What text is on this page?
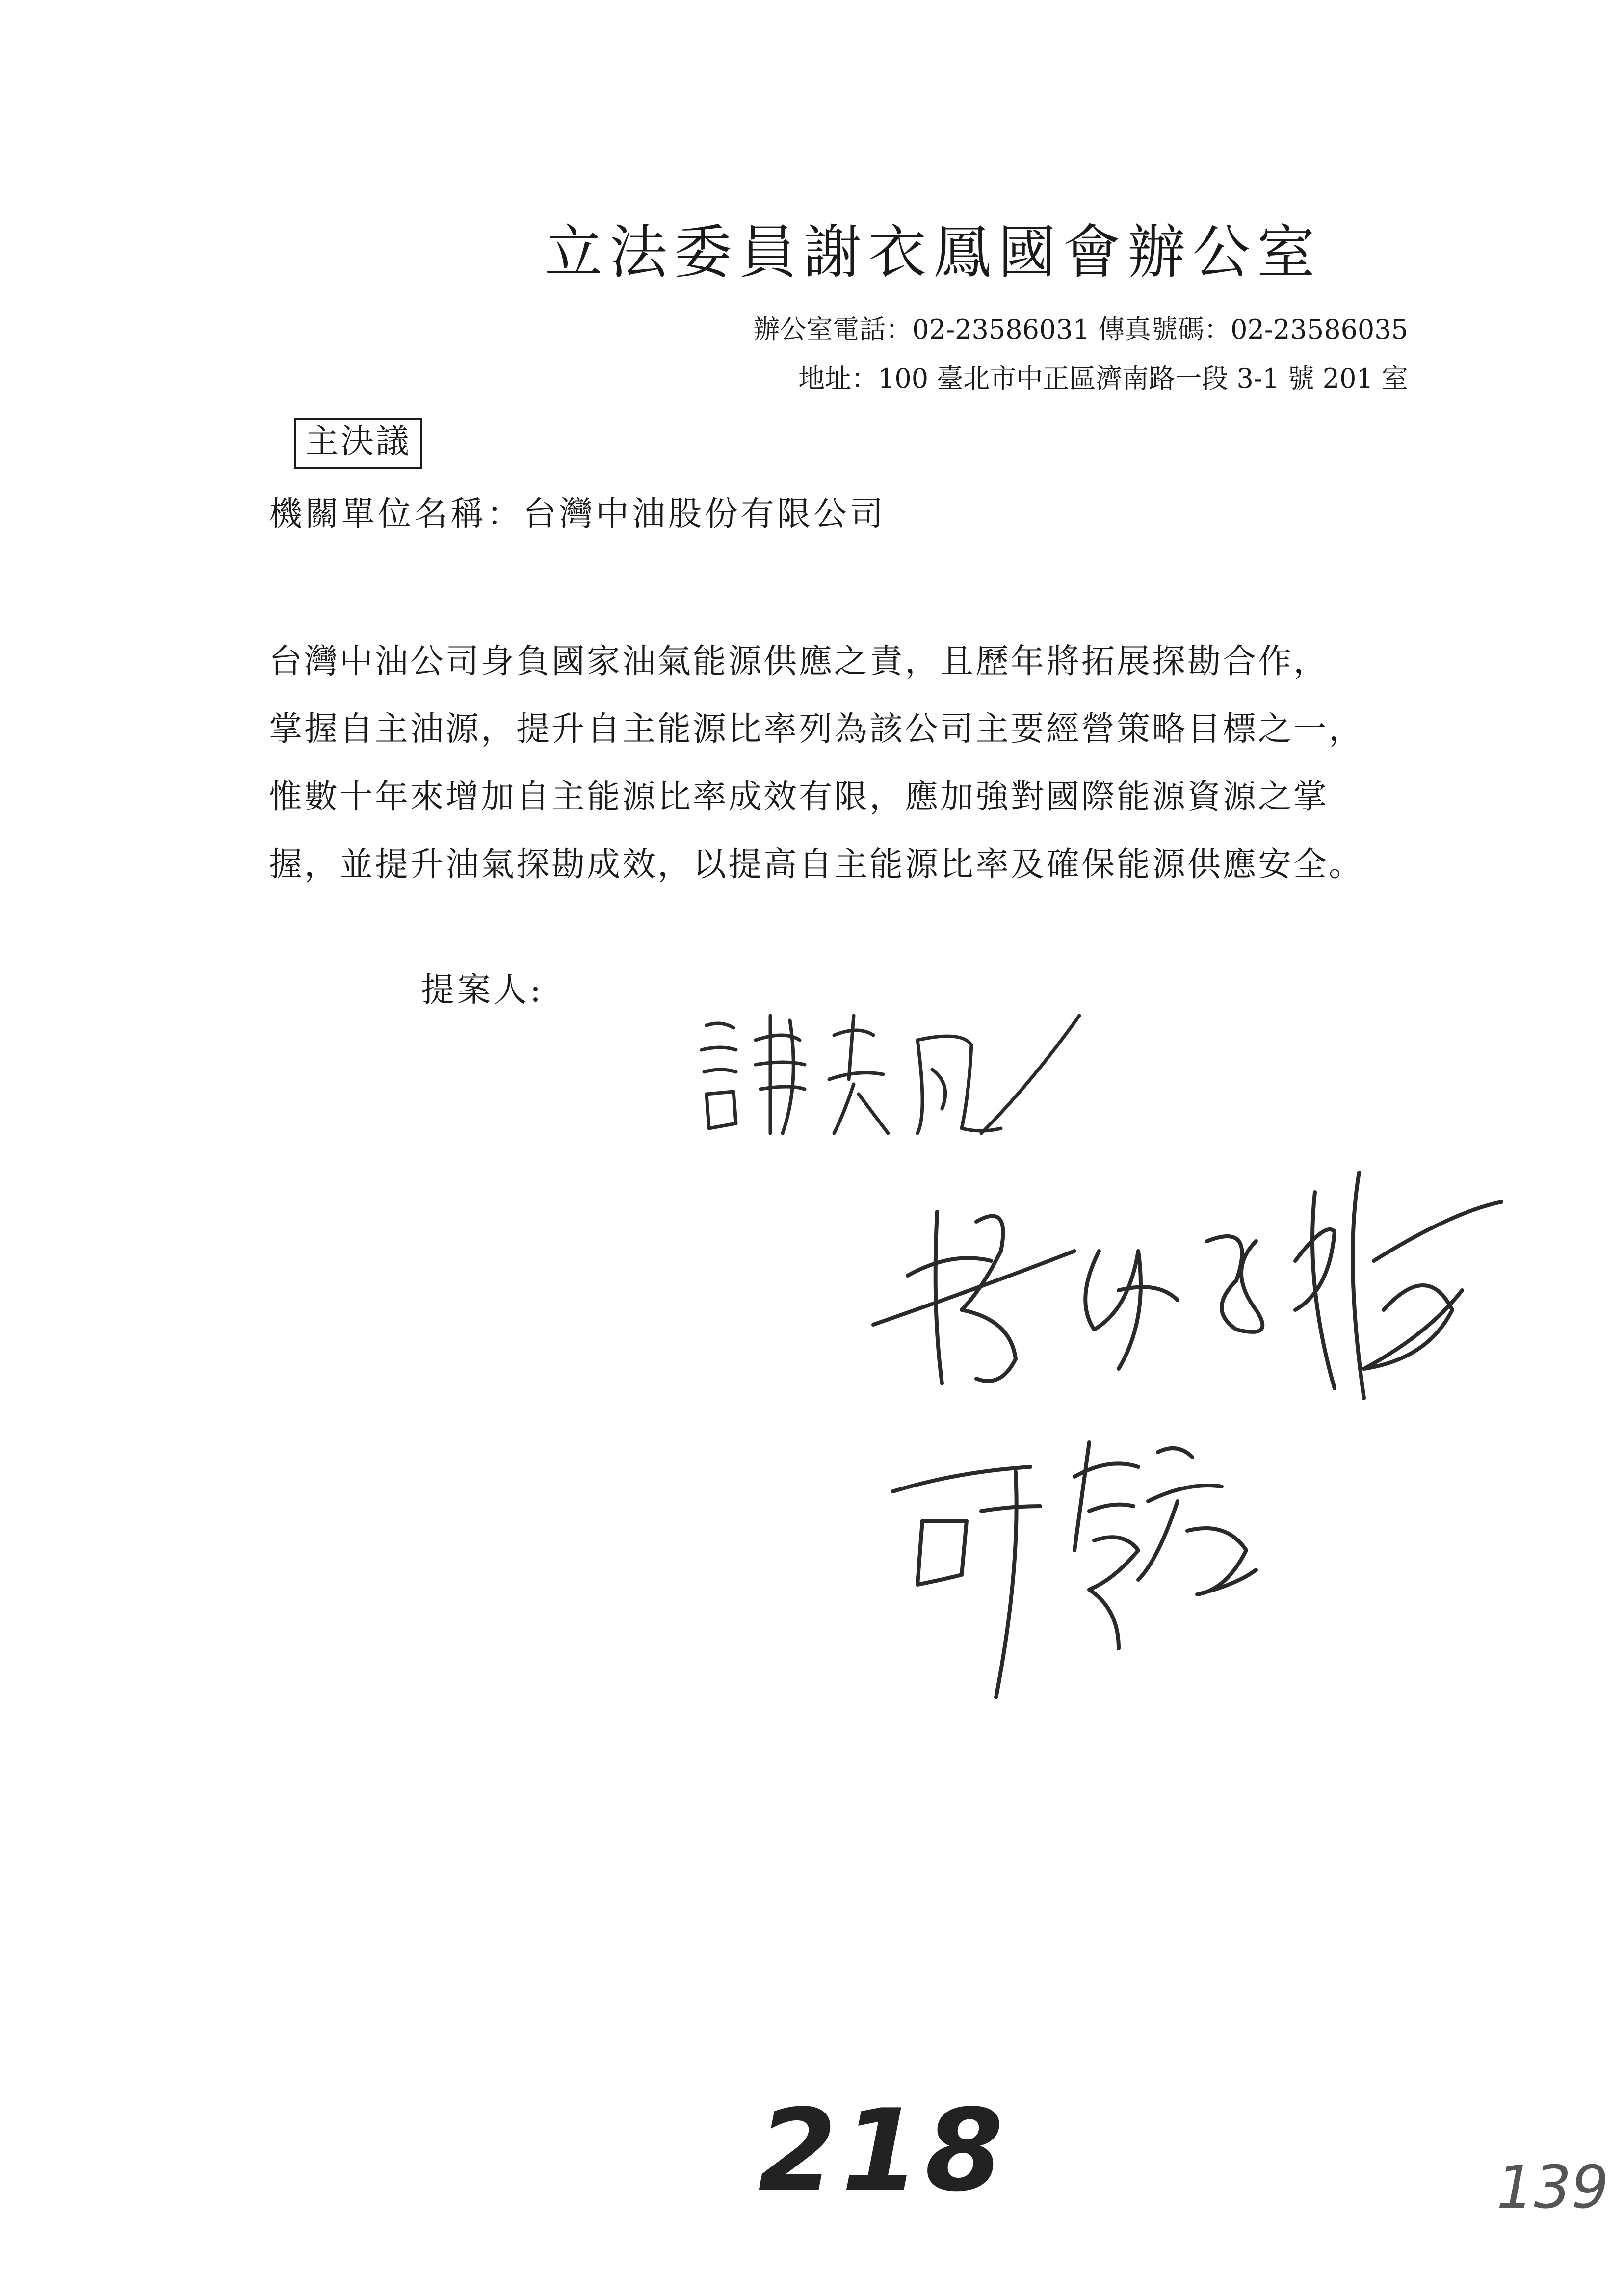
立法委員謝衣鳳國會辦公室
辦公室電話：02-23586031 傳真號碼：02-23586035
地址：100 臺北市中正區濟南路一段 3-1 號 201 室
主決議
機關單位名稱：台灣中油股份有限公司
台灣中油公司身負國家油氣能源供應之責，且歷年將拓展探勘合作，
掌握自主油源，提升自主能源比率列為該公司主要經營策略目標之一，
惟數十年來增加自主能源比率成效有限，應加強對國際能源資源之掌
握，並提升油氣探勘成效，以提高自主能源比率及確保能源供應安全。
提案人:
218	139
